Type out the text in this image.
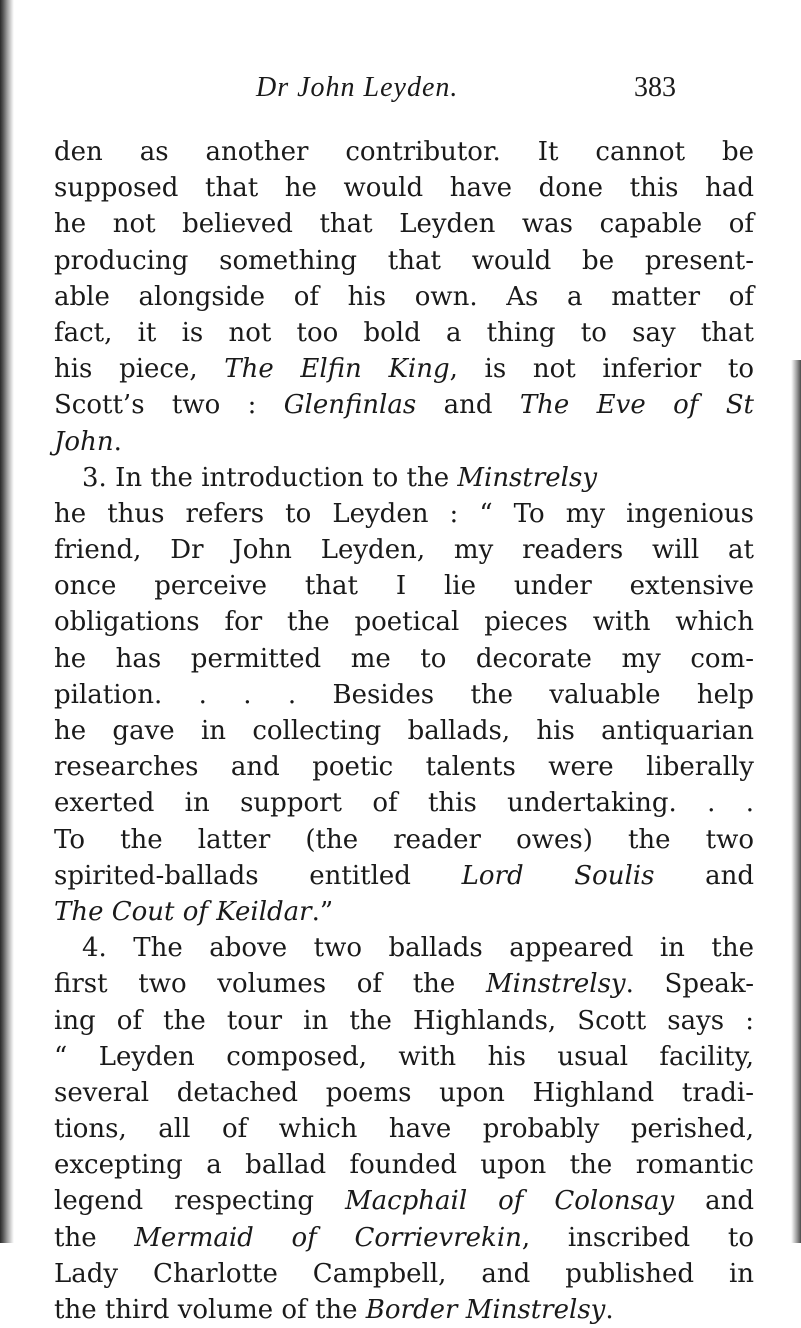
Dr John Leyden.	383
den as another contributor. It cannot be
supposed that he would have done this had
he not believed that Leyden was capable of
producing something that would be present-
able alongside of his own. As a matter of
fact, it is not too bold a thing to say that
his piece, The Elfin King, is not inferior to
Scott’s two : Glenfinlas and The Eve of St
John.
3. In the introduction to the Minstrelsy
he thus refers to Leyden : “ To my ingenious
friend, Dr John Leyden, my readers will at
once perceive that I lie under extensive
obligations for the poetical pieces with which
he has permitted me to decorate my com-
pilation. . . . Besides the valuable help
he gave in collecting ballads, his antiquarian
researches and poetic talents were liberally
exerted in support of this undertaking. . .
To the latter (the reader owes) the two
spirited-ballads entitled Lord Soulis and
The Cout of Keildar.”
4. The above two ballads appeared in the
first two volumes of the Minstrelsy. Speak-
ing of the tour in the Highlands, Scott says :
“ Leyden composed, with his usual facility,
several detached poems upon Highland tradi-
tions, all of which have probably perished,
excepting a ballad founded upon the romantic
legend respecting Macphail of Colonsay and
the Mermaid of Corrievrekin, inscribed to
Lady Charlotte Campbell, and published in
the third volume of the Border Minstrelsy.
